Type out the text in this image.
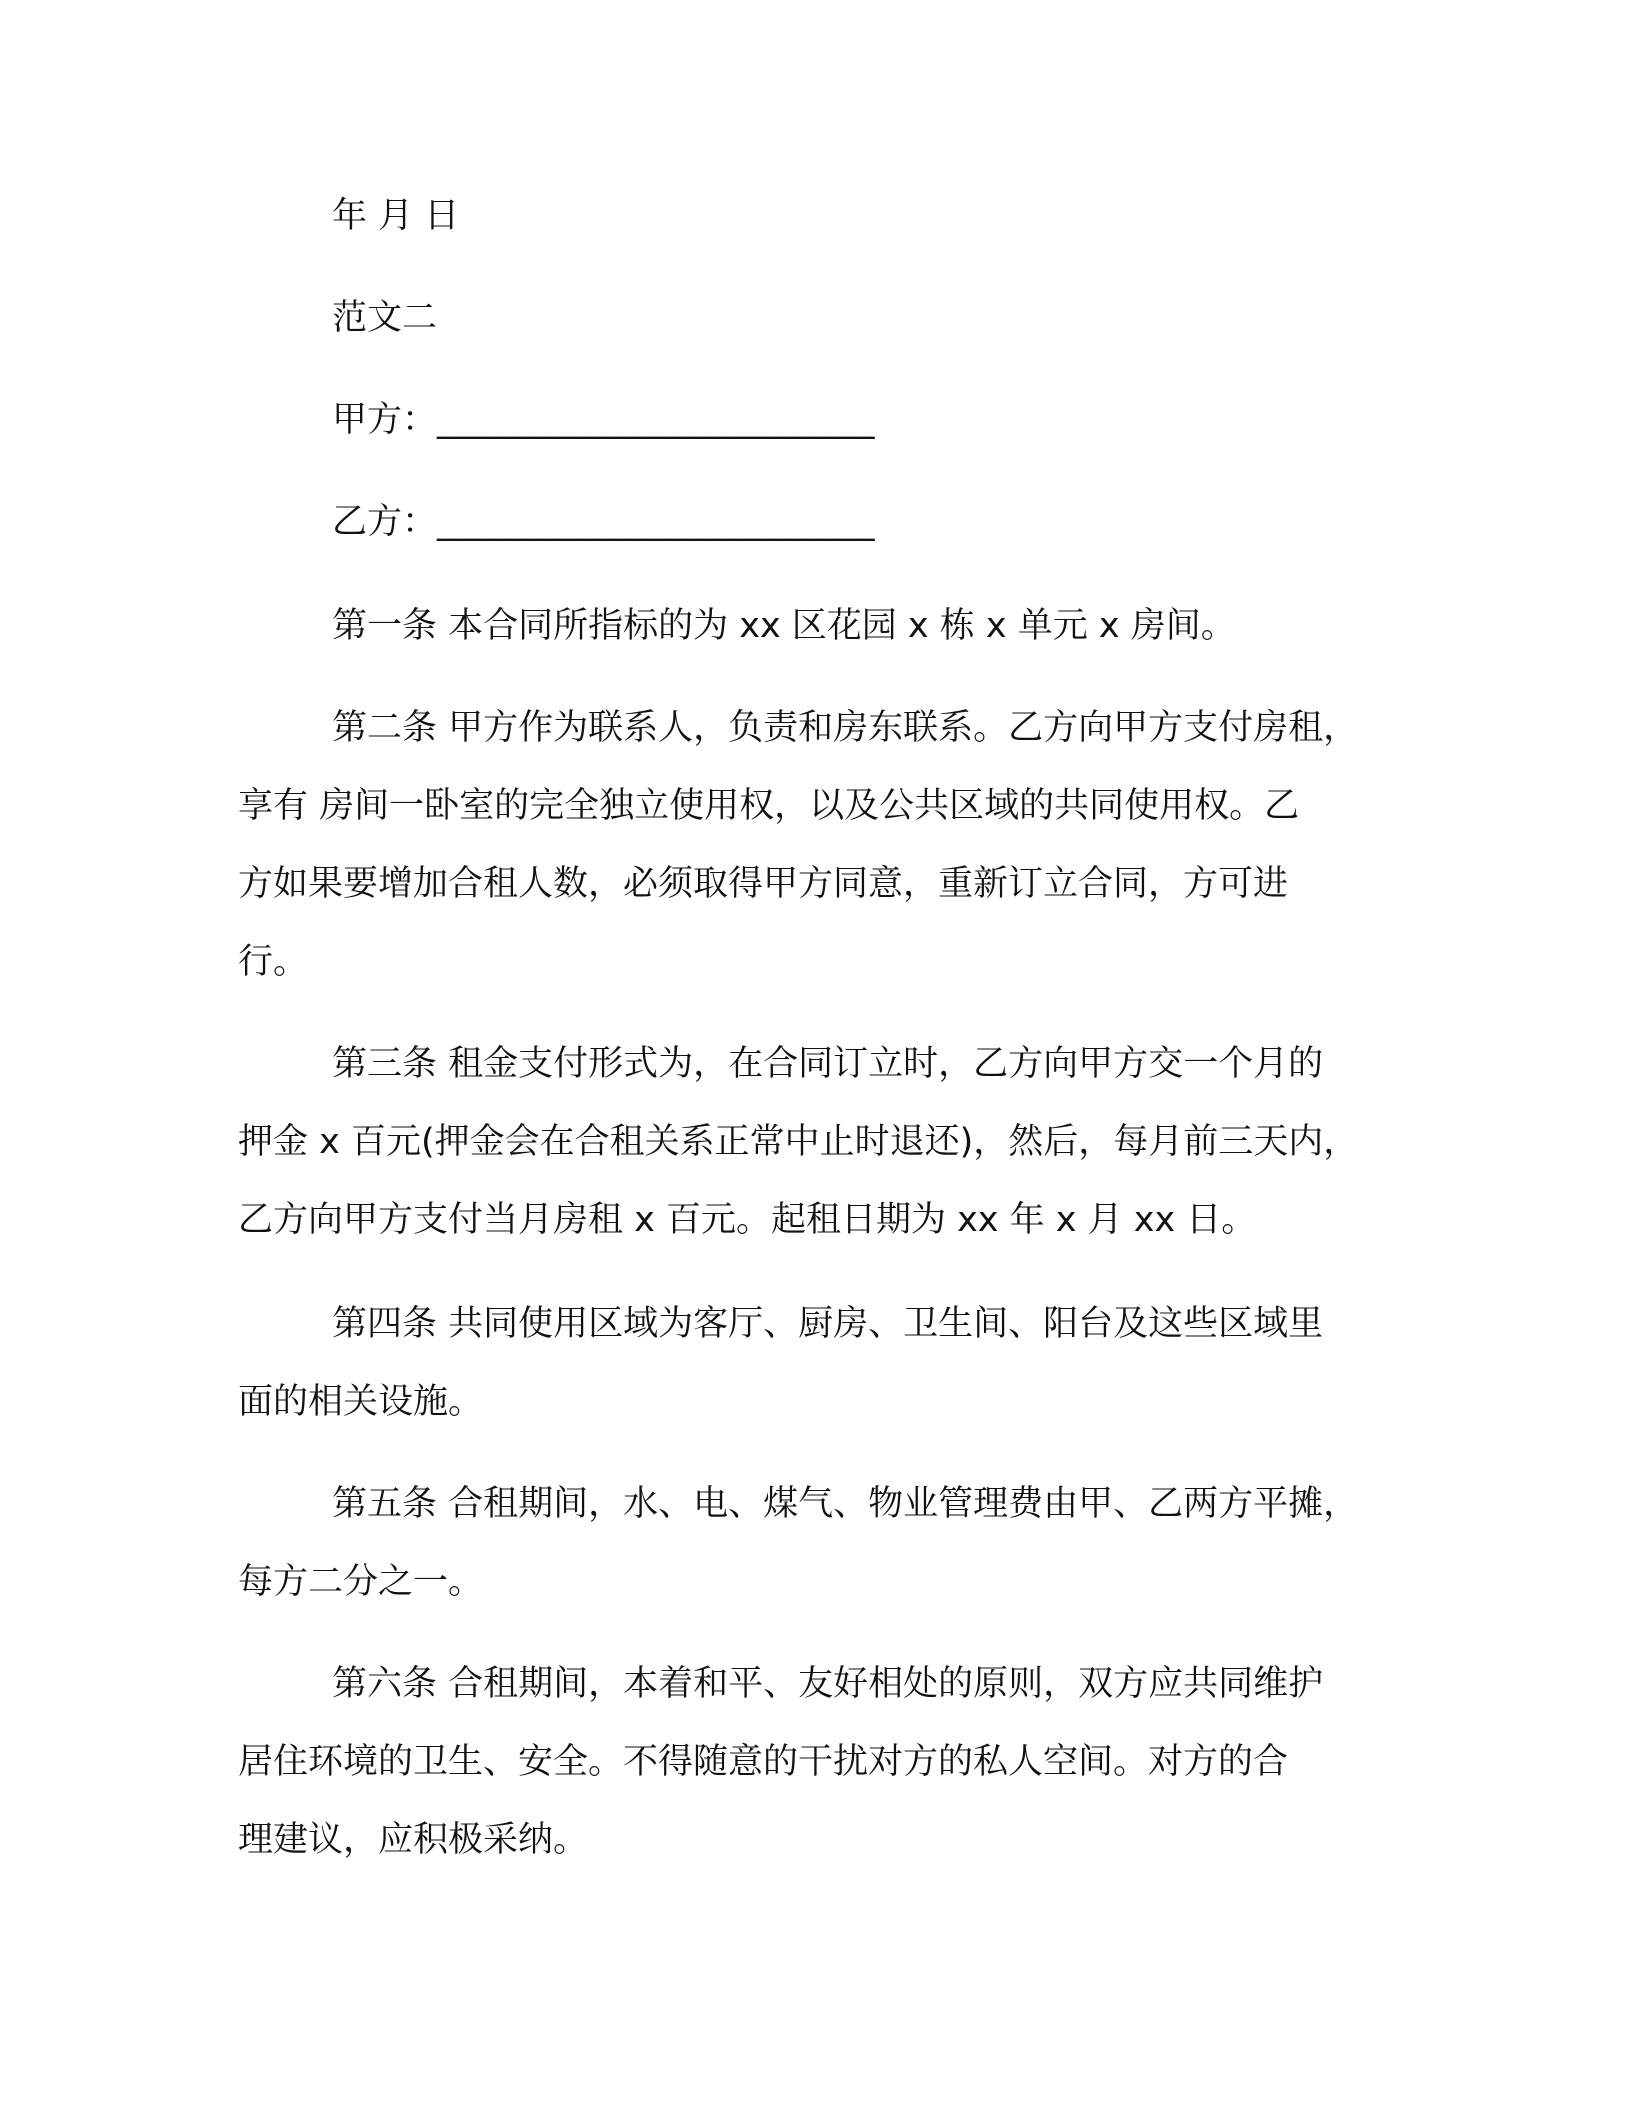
年 月 日
范文二
甲方：_________________________
乙方：_________________________
第一条 本合同所指标的为 xx 区花园 x 栋 x 单元 x 房间。
第二条 甲方作为联系人，负责和房东联系。乙方向甲方支付房租，
享有 房间一卧室的完全独立使用权，以及公共区域的共同使用权。乙
方如果要增加合租人数，必须取得甲方同意，重新订立合同，方可进
行。
第三条 租金支付形式为，在合同订立时，乙方向甲方交一个月的
押金 x 百元(押金会在合租关系正常中止时退还)，然后，每月前三天内，
乙方向甲方支付当月房租 x 百元。起租日期为 xx 年 x 月 xx 日。
第四条 共同使用区域为客厅、厨房、卫生间、阳台及这些区域里
面的相关设施。
第五条 合租期间，水、电、煤气、物业管理费由甲、乙两方平摊，
每方二分之一。
第六条 合租期间，本着和平、友好相处的原则，双方应共同维护
居住环境的卫生、安全。不得随意的干扰对方的私人空间。对方的合
理建议，应积极采纳。
